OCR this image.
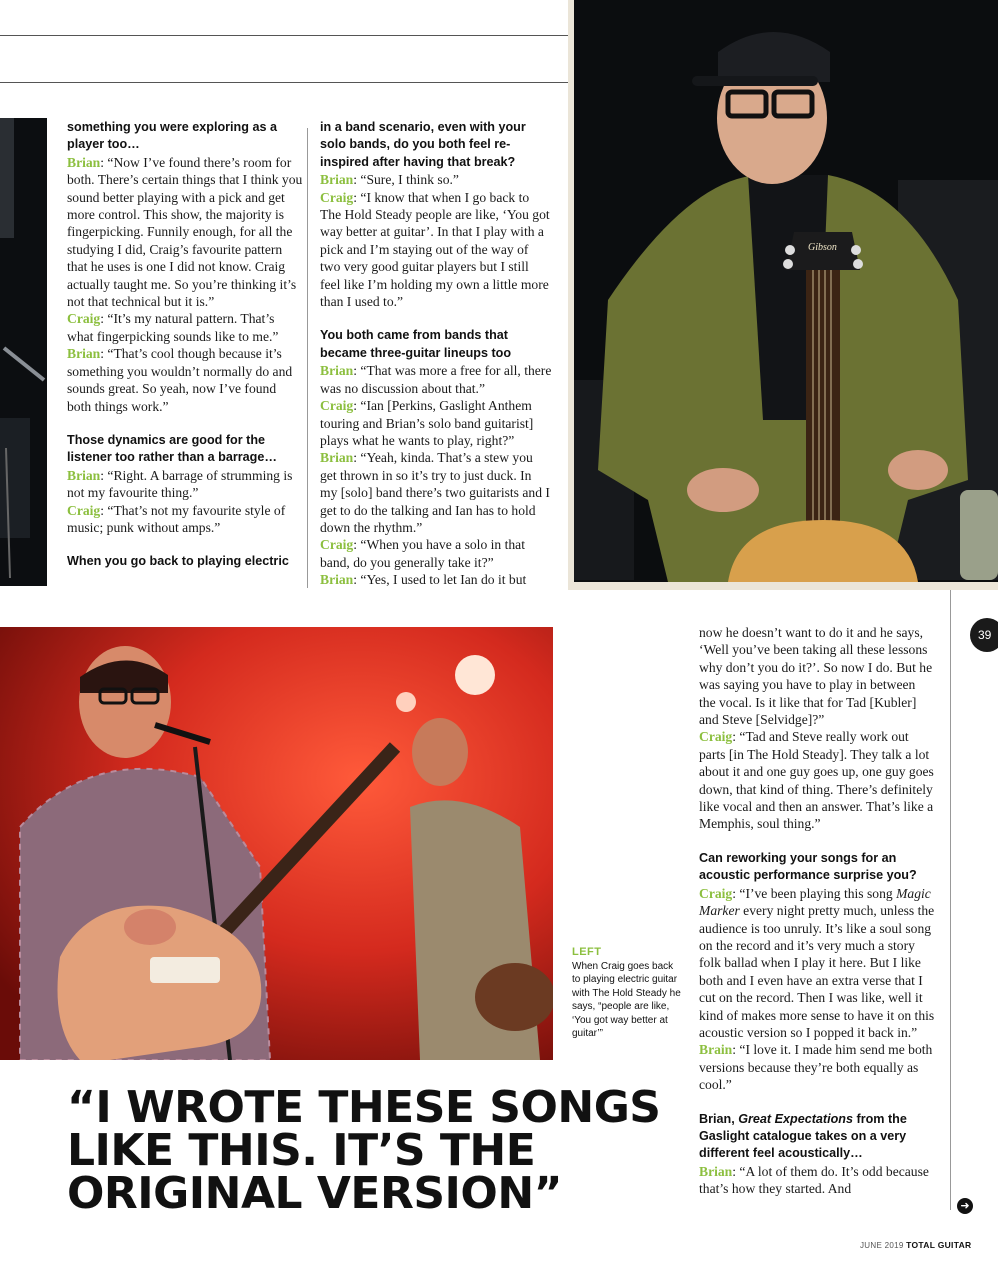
something you were exploring as a player too…

Brian: “Now I’ve found there’s room for both. There’s certain things that I think you sound better playing with a pick and get more control. This show, the majority is fingerpicking. Funnily enough, for all the studying I did, Craig’s favourite pattern that he uses is one I did not know. Craig actually taught me. So you’re thinking it’s not that technical but it is.”

Craig: “It’s my natural pattern. That’s what fingerpicking sounds like to me.”

Brian: “That’s cool though because it’s something you wouldn’t normally do and sounds great. So yeah, now I’ve found both things work.”

Those dynamics are good for the listener too rather than a barrage…

Brian: “Right. A barrage of strumming is not my favourite thing.”

Craig: “That’s not my favourite style of music; punk without amps.”

When you go back to playing electric

in a band scenario, even with your solo bands, do you both feel re-inspired after having that break?

Brian: “Sure, I think so.”

Craig: “I know that when I go back to The Hold Steady people are like, ‘You got way better at guitar’. In that I play with a pick and I’m staying out of the way of two very good guitar players but I still feel like I’m holding my own a little more than I used to.”

You both came from bands that became three-guitar lineups too

Brian: “That was more a free for all, there was no discussion about that.”

Craig: “Ian [Perkins, Gaslight Anthem touring and Brian’s solo band guitarist] plays what he wants to play, right?”

Brian: “Yeah, kinda. That’s a stew you get thrown in so it’s try to just duck. In my [solo] band there’s two guitarists and I get to do the talking and Ian has to hold down the rhythm.”

Craig: “When you have a solo in that band, do you generally take it?”

Brian: “Yes, I used to let Ian do it but

Gibson
39
LEFT
When Craig goes back to playing electric guitar with The Hold Steady he says, “people are like, ‘You got way better at guitar’”

now he doesn’t want to do it and he says, ‘Well you’ve been taking all these lessons why don’t you do it?’. So now I do. But he was saying you have to play in between the vocal. Is it like that for Tad [Kubler] and Steve [Selvidge]?”

Craig: “Tad and Steve really work out parts [in The Hold Steady]. They talk a lot about it and one guy goes up, one guy goes down, that kind of thing. There’s definitely like vocal and then an answer. That’s like a Memphis, soul thing.”

Can reworking your songs for an acoustic performance surprise you?

Craig: “I’ve been playing this song Magic Marker every night pretty much, unless the audience is too unruly. It’s like a soul song on the record and it’s very much a story folk ballad when I play it here. But I like both and I even have an extra verse that I cut on the record. Then I was like, well it kind of makes more sense to have it on this acoustic version so I popped it back in.”

Brain: “I love it. I made him send me both versions because they’re both equally as cool.”

Brian, Great Expectations from the Gaslight catalogue takes on a very different feel acoustically…

Brian: “A lot of them do. It’s odd because that’s how they started. And

“I WROTE THESE SONGS
LIKE THIS. IT’S THE
ORIGINAL VERSION”	➜
JUNE 2019 TOTAL GUITAR
